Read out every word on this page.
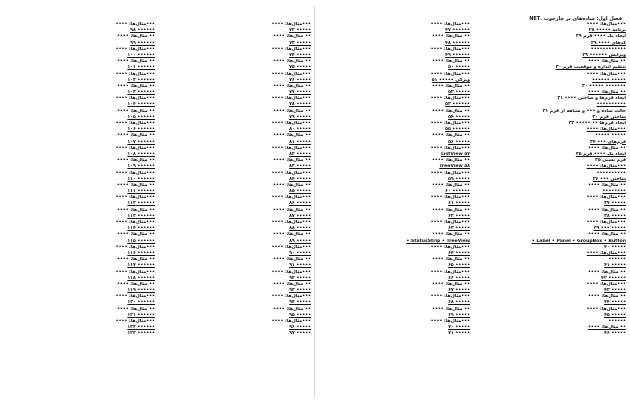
•••مثال‌ها: ••••
••••• ۷۲
•• مثال‌ها: ••••
••••• ۷۳
•••مثال‌ها: ••••
••••• ۷۴
•• مثال‌ها: ••••
••••• ۷۵
•••مثال‌ها: ••••
••••• ۷۶
•• مثال‌ها: ••••
••••• ۷۷
•••مثال‌ها: ••••
••••• ۷۸
•• مثال‌ها: ••••
••••• ۷۹
•••مثال‌ها: ••••
••••• ۸۰
•• مثال‌ها: ••••
••••• ۸۱
•••مثال‌ها: ••••
••••• ۸۲
•• مثال‌ها: ••••
••••• ۸۳
•••مثال‌ها: ••••
••••• ۸۴
•• مثال‌ها: ••••
••••• ۸۵
•••مثال‌ها: ••••
••••• ۸۶
•• مثال‌ها: ••••
••••• ۸۷
•••مثال‌ها: ••••
••••• ۸۸
•• مثال‌ها: ••••
••••• ۸۹
•••مثال‌ها: ••••
••••• ۹۰
•• مثال‌ها: ••••
••••• ۹۱
•••مثال‌ها: ••••
••••• ۹۲
•• مثال‌ها: ••••
••••• ۹۳
•••مثال‌ها: ••••
••••• ۹۴
•• مثال‌ها: ••••
••••• ۹۵
•••مثال‌ها: ••••
••••• ۹۶
••••• ۹۷
•••مثال‌ها: ••••
•••••• ۹۸
•• مثال‌ها: ••••
•••••• ۹۹
•••مثال‌ها: ••••
•••••• ۱۰۰
•• مثال‌ها: ••••
•••••• ۱۰۱
•••مثال‌ها: ••••
•••••• ۱۰۲
•• مثال‌ها: ••••
•••••• ۱۰۳
•••مثال‌ها: ••••
•••••• ۱۰۴
•• مثال‌ها: ••••
•••••• ۱۰۵
•••مثال‌ها: ••••
•••••• ۱۰۶
•• مثال‌ها: ••••
•••••• ۱۰۷
•••مثال‌ها: ••••
•••••• ۱۰۸
•• مثال‌ها: ••••
•••••• ۱۰۹
•••مثال‌ها: ••••
•••••• ۱۱۰
•• مثال‌ها: ••••
•••••• ۱۱۱
•••مثال‌ها: ••••
•••••• ۱۱۲
•• مثال‌ها: ••••
•••••• ۱۱۳
•••مثال‌ها: ••••
•••••• ۱۱۴
•• مثال‌ها: ••••
•••••• ۱۱۵
•••مثال‌ها: ••••
•••••• ۱۱۶
•• مثال‌ها: ••••
•••••• ۱۱۷
•••مثال‌ها: ••••
•••••• ۱۱۸
•• مثال‌ها: ••••
•••••• ۱۱۹
•••مثال‌ها: ••••
•••••• ۱۲۰
•• مثال‌ها: ••••
•••••• ۱۲۱
•••مثال‌ها: ••••
•••••• ۱۲۲
•••••• ۱۲۳
فصل اول: ساده‌های بر چارچوب .NET
•••مثال‌ها: ••••
برنامه ••••• ۲۸
ایجاد یک •••• فرم ۲۹
کدهای •••• ۲۹
••••••••••••
ویرایش •••••• ۲۹
•• مثال‌ها: ••••
تنظیم اندازه و موقعیت فرم ۳۰
•••مثال‌ها: ••••
••••• ••••••
••••••• ••••• ۳۰
•• مثال‌ها: ••••
ایجاد فرم‌ها و ساختن •••• ۳۱
••••••••••
حالت ساده و ••• و سیاهه از فرم ۳۱
ساختن فرم ۳۰
ایجاد فرم‌ها •• ••••• ۳۳
•••مثال‌ها: ••••
••••• •••••
فرم‌های ••• ۳۴
•• مثال‌ها: ••••
ایجاد یک •••• فرم ۳۵
فرم نسبی ۳۵
•••مثال‌ها: ••••
••••••••••
ساختن ••• ۳۶
•• مثال‌ها: ••••
••••••••
•••مثال‌ها: ••••
••••• ۳۷
•• مثال‌ها: ••••
••••• ۳۸
•••مثال‌ها: ••••
••••• ••• ۳۹
•• مثال‌ها: ••••
Label • Panel • GroupBox • Button •
••••• ۴۰
•••مثال‌ها: ••••
••••••
••••• ۴۱
•• مثال‌ها: ••••
•••••• ۴۲
•••مثال‌ها: ••••
••••• ۴۳
•• مثال‌ها: ••••
••••• ۴۴
•••مثال‌ها: ••••
••••• ۴۵
••••••
•• مثال‌ها: ••••
••••• ۴۶
•••مثال‌ها: ••••
•••••• ۴۷
•• مثال‌ها: ••••
•••••• ۴۸
•••مثال‌ها: ••••
•••••• ۴۹
•• مثال‌ها: ••••
••••• ۵۰
•••مثال‌ها: ••••
ویژگی ••••• ۵۱
•• مثال‌ها: ••••
••••• ۵۲
•••مثال‌ها: ••••
•••••• ۵۳
•• مثال‌ها: ••••
••••• ۵۴
•••مثال‌ها: ••••
•••••• ۵۵
•• مثال‌ها: ••••
••••• ۵۶
•••مثال‌ها: ••••
ListView ۵۷
•• مثال‌ها: ••••
TreeView ۵۸
•••مثال‌ها: ••••
••••• ۵۹
•• مثال‌ها: ••••
•••••• ۶۰
•••مثال‌ها: ••••
••••• ۶۱
•• مثال‌ها: ••••
••••• ۶۲
•••مثال‌ها: ••••
••••• ۶۳
•• مثال‌ها: ••••
StatusStrip • TreeView •
•••مثال‌ها: ••••
••••• ۶۴
•• مثال‌ها: ••••
••••• ۶۵
•••مثال‌ها: ••••
••••• ۶۶
•• مثال‌ها: ••••
••••• ۶۷
•••مثال‌ها: ••••
••••• ۶۸
•• مثال‌ها: ••••
••••• ۶۹
•••مثال‌ها: ••••
••••• ۷۰
••••• ۷۱
